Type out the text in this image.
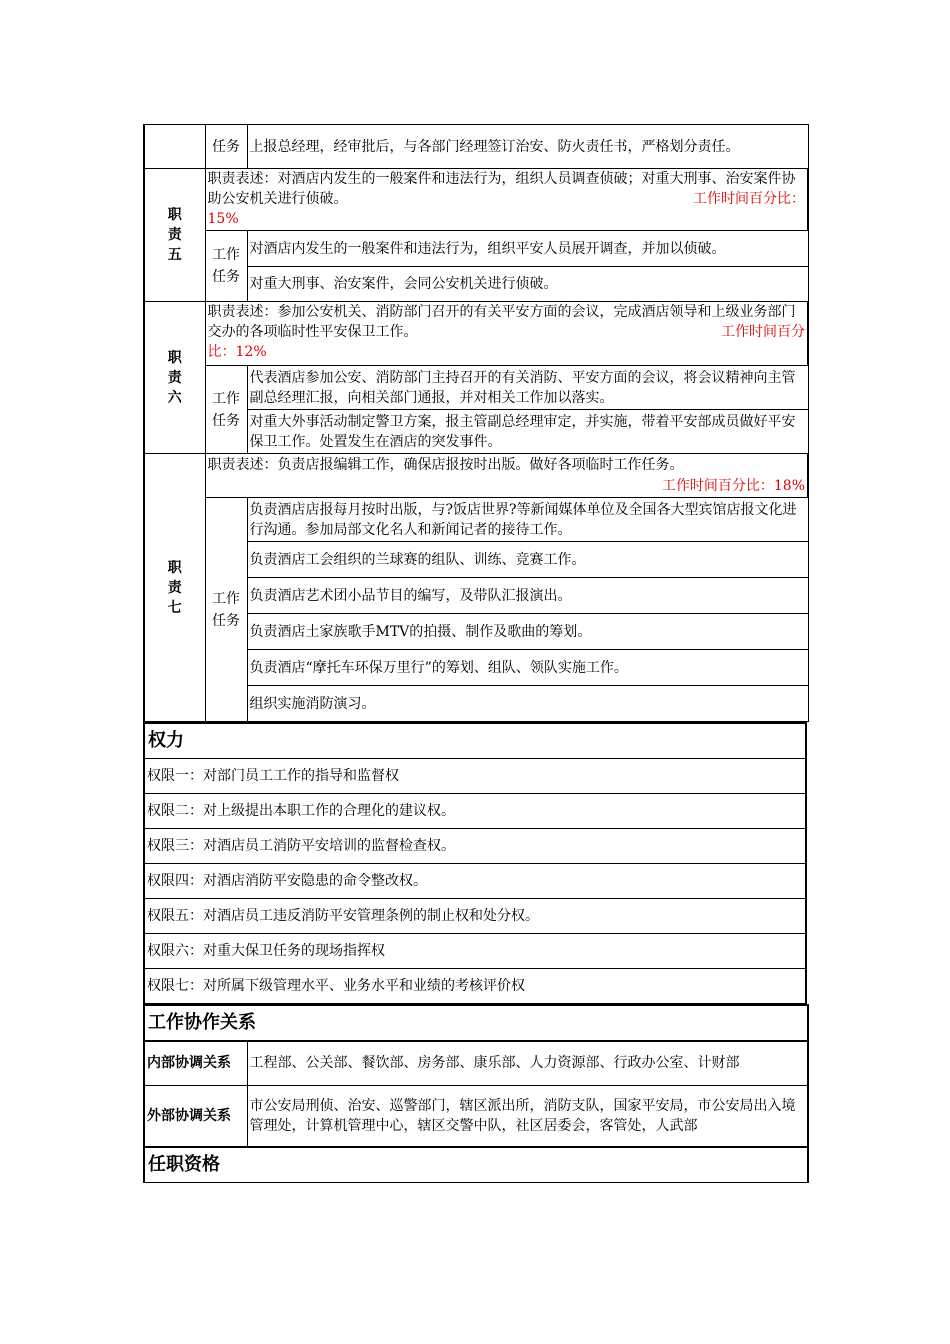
	任务	上报总经理，经审批后，与各部门经理签订治安、防火责任书，严格划分责任。
职
责
五	职责表述：对酒店内发生的一般案件和违法行为，组织人员调查侦破；对重大刑事、治安案件协助公安机关进行侦破。 工作时间百分比：

15%	
	工作
任务	对酒店内发生的一般案件和违法行为，组织平安人员展开调查，并加以侦破。
		对重大刑事、治安案件，会同公安机关进行侦破。
职
责
六	职责表述：参加公安机关、消防部门召开的有关平安方面的会议，完成酒店领导和上级业务部门交办的各项临时性平安保卫工作。 工作时间百分

比：12%	
	工作
任务	代表酒店参加公安、消防部门主持召开的有关消防、平安方面的会议，将会议精神向主管副总经理汇报，向相关部门通报，并对相关工作加以落实。
		对重大外事活动制定警卫方案，报主管副总经理审定，并实施，带着平安部成员做好平安保卫工作。处置发生在酒店的突发事件。
职
责
七	职责表述：负责店报编辑工作，确保店报按时出版。做好各项临时工作任务。	
	工作时间百分比：18%	
	工作
任务	负责酒店店报每月按时出版，与?饭店世界?等新闻媒体单位及全国各大型宾馆店报文化进行沟通。参加局部文化名人和新闻记者的接待工作。
		负责酒店工会组织的兰球赛的组队、训练、竞赛工作。
		负责酒店艺术团小品节目的编写，及带队汇报演出。
		负责酒店土家族歌手MTV的拍摄、制作及歌曲的筹划。
		负责酒店“摩托车环保万里行”的筹划、组队、领队实施工作。
		组织实施消防演习。
权力
权限一：对部门员工工作的指导和监督权
权限二：对上级提出本职工作的合理化的建议权。
权限三：对酒店员工消防平安培训的监督检查权。
权限四：对酒店消防平安隐患的命令整改权。
权限五：对酒店员工违反消防平安管理条例的制止权和处分权。
权限六：对重大保卫任务的现场指挥权
权限七：对所属下级管理水平、业务水平和业绩的考核评价权
工作协作关系	
内部协调关系	工程部、公关部、餐饮部、房务部、康乐部、人力资源部、行政办公室、计财部
外部协调关系	市公安局刑侦、治安、巡警部门，辖区派出所，消防支队，国家平安局，市公安局出入境管理处，计算机管理中心，辖区交警中队，社区居委会，客管处，人武部
任职资格	
